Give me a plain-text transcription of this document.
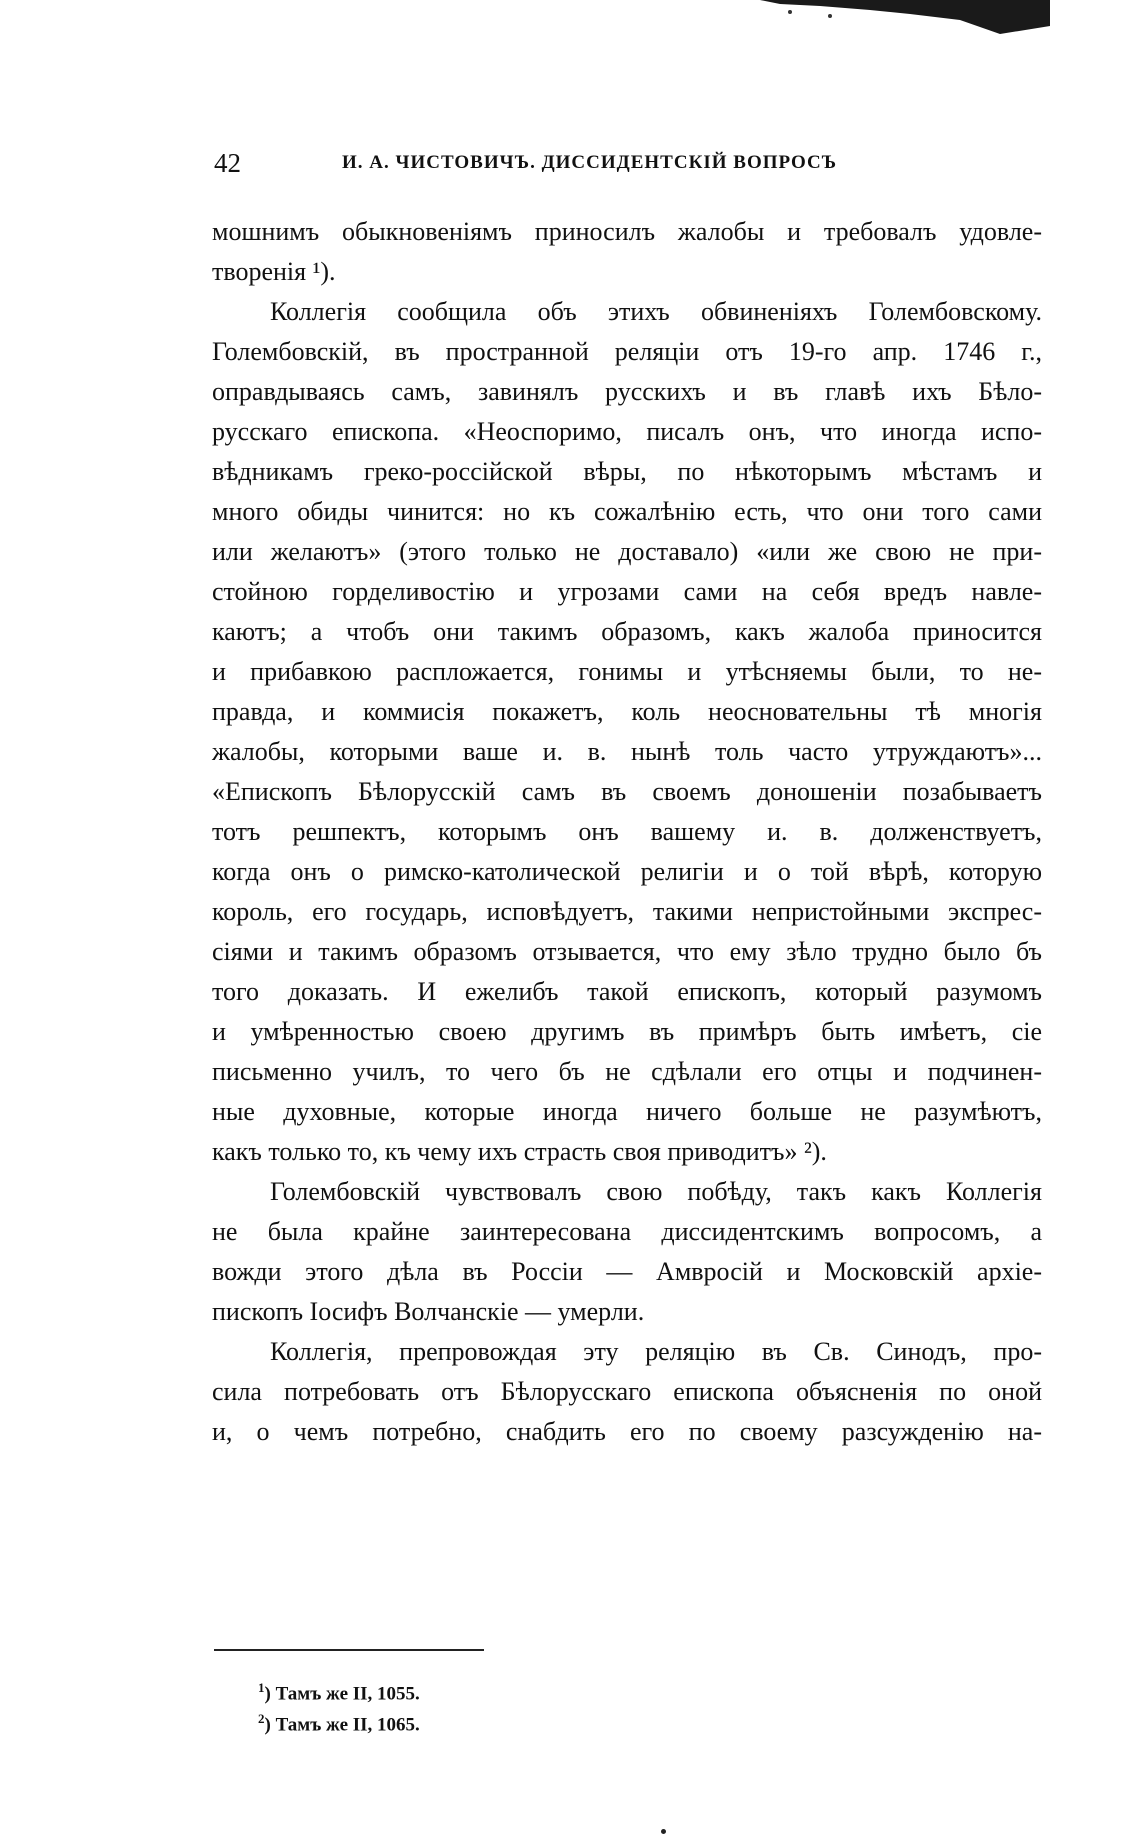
42	И. А. ЧИСТОВИЧЪ. ДИССИДЕНТСКІЙ ВОПРОСЪ
мошнимъ обыкновеніямъ приносилъ жалобы и требовалъ удовле-
творенія ¹).
Коллегія сообщила объ этихъ обвиненіяхъ Голембовскому.
Голембовскій, въ пространной реляціи отъ 19-го апр. 1746 г.,
оправдываясь самъ, завинялъ русскихъ и въ главѣ ихъ Бѣло-
русскаго епископа. «Неоспоримо, писалъ онъ, что иногда испо-
вѣдникамъ греко-россійской вѣры, по нѣкоторымъ мѣстамъ и
много обиды чинится: но къ сожалѣнію есть, что они того сами
или желаютъ» (этого только не доставало) «или же свою не при-
стойною горделивостію и угрозами сами на себя вредъ навле-
каютъ; а чтобъ они такимъ образомъ, какъ жалоба приносится
и прибавкою распложается, гонимы и утѣсняемы были, то не-
правда, и коммисія покажетъ, коль неосновательны тѣ многія
жалобы, которыми ваше и. в. нынѣ толь часто утруждаютъ»...
«Епископъ Бѣлорусскій самъ въ своемъ доношеніи позабываетъ
тотъ решпектъ, которымъ онъ вашему и. в. долженствуетъ,
когда онъ о римско-католической религіи и о той вѣрѣ, которую
король, его государь, исповѣдуетъ, такими непристойными экспрес-
сіями и такимъ образомъ отзывается, что ему зѣло трудно было бъ
того доказать. И ежелибъ такой епископъ, который разумомъ
и умѣренностью своею другимъ въ примѣръ быть имѣетъ, сіе
письменно училъ, то чего бъ не сдѣлали его отцы и подчинен-
ные духовные, которые иногда ничего больше не разумѣютъ,
какъ только то, къ чему ихъ страсть своя приводитъ» ²).
Голембовскій чувствовалъ свою побѣду, такъ какъ Коллегія
не была крайне заинтересована диссидентскимъ вопросомъ, а
вожди этого дѣла въ Россіи — Амвросій и Московскій архіе-
пископъ Іосифъ Волчанскіе — умерли.
Коллегія, препровождая эту реляцію въ Св. Синодъ, про-
сила потребовать отъ Бѣлорусскаго епископа объясненія по оной
и, о чемъ потребно, снабдить его по своему разсужденію на-
$^1$) Тамъ же II, 1055.
$^2$) Тамъ же II, 1065.
